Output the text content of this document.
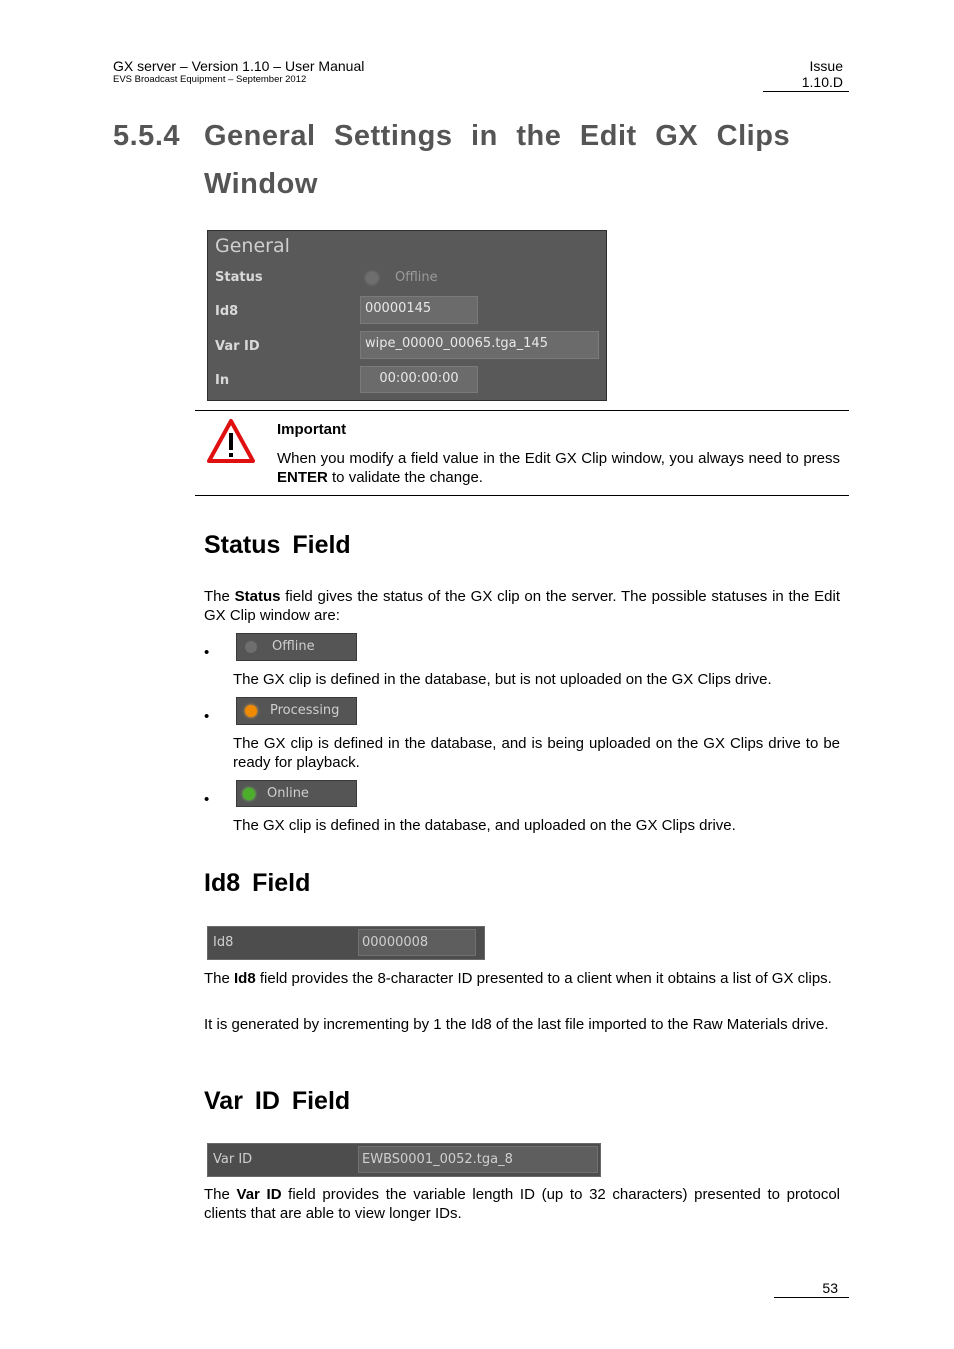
GX server – Version 1.10 – User Manual
EVS Broadcast Equipment – September 2012
Issue
1.10.D
5.5.4 General Settings in the Edit GX Clips
Window
General
Status	Offline
Id8	00000145
Var ID	wipe_00000_00065.tga_145
In	00:00:00:00
Important
When you modify a field value in the Edit GX Clip window, you always need to press ENTER to validate the change.
Status Field
The Status field gives the status of the GX clip on the server. The possible statuses in the Edit GX Clip window are:
•	Offline
The GX clip is defined in the database, but is not uploaded on the GX Clips drive.
•	Processing
The GX clip is defined in the database, and is being uploaded on the GX Clips drive to be ready for playback.
•	Online
The GX clip is defined in the database, and uploaded on the GX Clips drive.
Id8 Field
Id8	00000008
The Id8 field provides the 8-character ID presented to a client when it obtains a list of GX clips.
It is generated by incrementing by 1 the Id8 of the last file imported to the Raw Materials drive.
Var ID Field
Var ID	EWBS0001_0052.tga_8
The Var ID field provides the variable length ID (up to 32 characters) presented to protocol clients that are able to view longer IDs.
53
